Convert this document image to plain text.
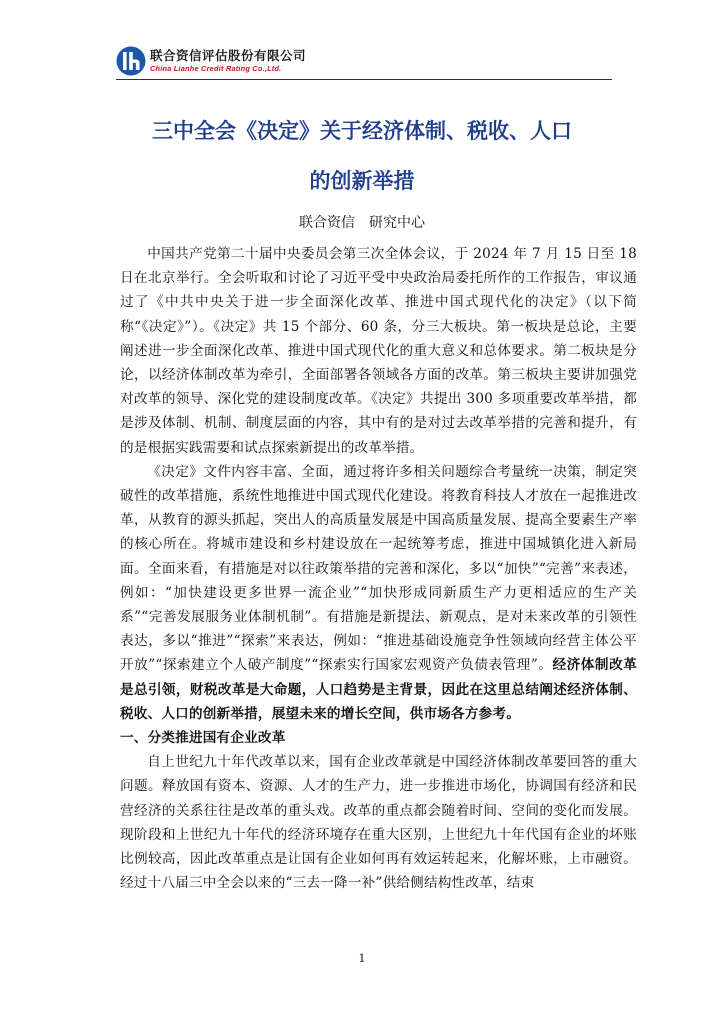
联合资信评估股份有限公司
China Lianhe Credit Rating Co.,Ltd.
三中全会《决定》关于经济体制、税收、人口
的创新举措
联合资信 研究中心

中国共产党第二十届中央委员会第三次全体会议，于 2024 年 7 月 15 日至 18 日在北京举行。全会听取和讨论了习近平受中央政治局委托所作的工作报告，审议通过了《中共中央关于进一步全面深化改革、推进中国式现代化的决定》（以下简称“《决定》”）。《决定》共 15 个部分、60 条，分三大板块。第一板块是总论，主要阐述进一步全面深化改革、推进中国式现代化的重大意义和总体要求。第二板块是分论，以经济体制改革为牵引，全面部署各领域各方面的改革。第三板块主要讲加强党对改革的领导、深化党的建设制度改革。《决定》共提出 300 多项重要改革举措，都是涉及体制、机制、制度层面的内容，其中有的是对过去改革举措的完善和提升，有的是根据实践需要和试点探索新提出的改革举措。

《决定》文件内容丰富、全面，通过将许多相关问题综合考量统一决策，制定突破性的改革措施，系统性地推进中国式现代化建设。将教育科技人才放在一起推进改革，从教育的源头抓起，突出人的高质量发展是中国高质量发展、提高全要素生产率的核心所在。将城市建设和乡村建设放在一起统筹考虑，推进中国城镇化进入新局面。全面来看，有措施是对以往政策举措的完善和深化，多以“加快”“完善”来表述，例如：“加快建设更多世界一流企业”“加快形成同新质生产力更相适应的生产关系”“完善发展服务业体制机制”。有措施是新提法、新观点，是对未来改革的引领性表达，多以“推进”“探索”来表达，例如：“推进基础设施竞争性领域向经营主体公平开放”“探索建立个人破产制度”“探索实行国家宏观资产负债表管理”。经济体制改革是总引领，财税改革是大命题，人口趋势是主背景，因此在这里总结阐述经济体制、税收、人口的创新举措，展望未来的增长空间，供市场各方参考。

一、分类推进国有企业改革

自上世纪九十年代改革以来，国有企业改革就是中国经济体制改革要回答的重大问题。释放国有资本、资源、人才的生产力，进一步推进市场化，协调国有经济和民营经济的关系往往是改革的重头戏。改革的重点都会随着时间、空间的变化而发展。现阶段和上世纪九十年代的经济环境存在重大区别，上世纪九十年代国有企业的坏账比例较高，因此改革重点是让国有企业如何再有效运转起来，化解坏账，上市融资。经过十八届三中全会以来的“三去一降一补”供给侧结构性改革，结束

1
